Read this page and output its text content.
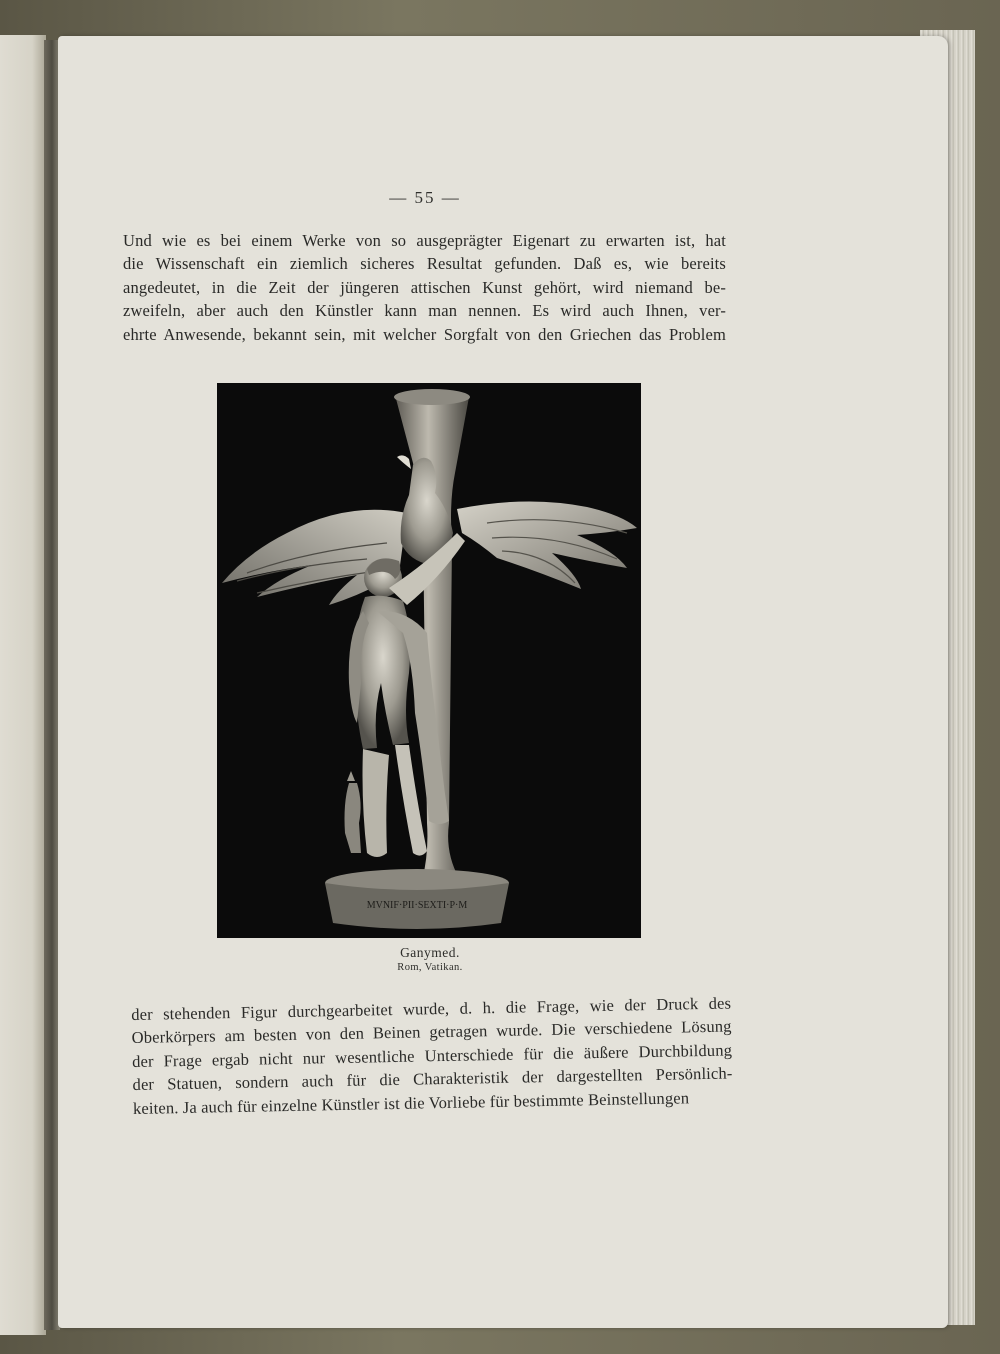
— 55 —

Und wie es bei einem Werke von so ausgeprägter Eigenart zu erwarten ist, hat
die Wissenschaft ein ziemlich sicheres Resultat gefunden. Daß es, wie bereits
angedeutet, in die Zeit der jüngeren attischen Kunst gehört, wird niemand be-
zweifeln, aber auch den Künstler kann man nennen. Es wird auch Ihnen, ver-
ehrte Anwesende, bekannt sein, mit welcher Sorgfalt von den Griechen das Problem

MVNIF·PII·SEXTI·P·M
Ganymed.
Rom, Vatikan.

der stehenden Figur durchgearbeitet wurde, d. h. die Frage, wie der Druck des
Oberkörpers am besten von den Beinen getragen wurde. Die verschiedene Lösung
der Frage ergab nicht nur wesentliche Unterschiede für die äußere Durchbildung
der Statuen, sondern auch für die Charakteristik der dargestellten Persönlich-
keiten. Ja auch für einzelne Künstler ist die Vorliebe für bestimmte Beinstellungen
